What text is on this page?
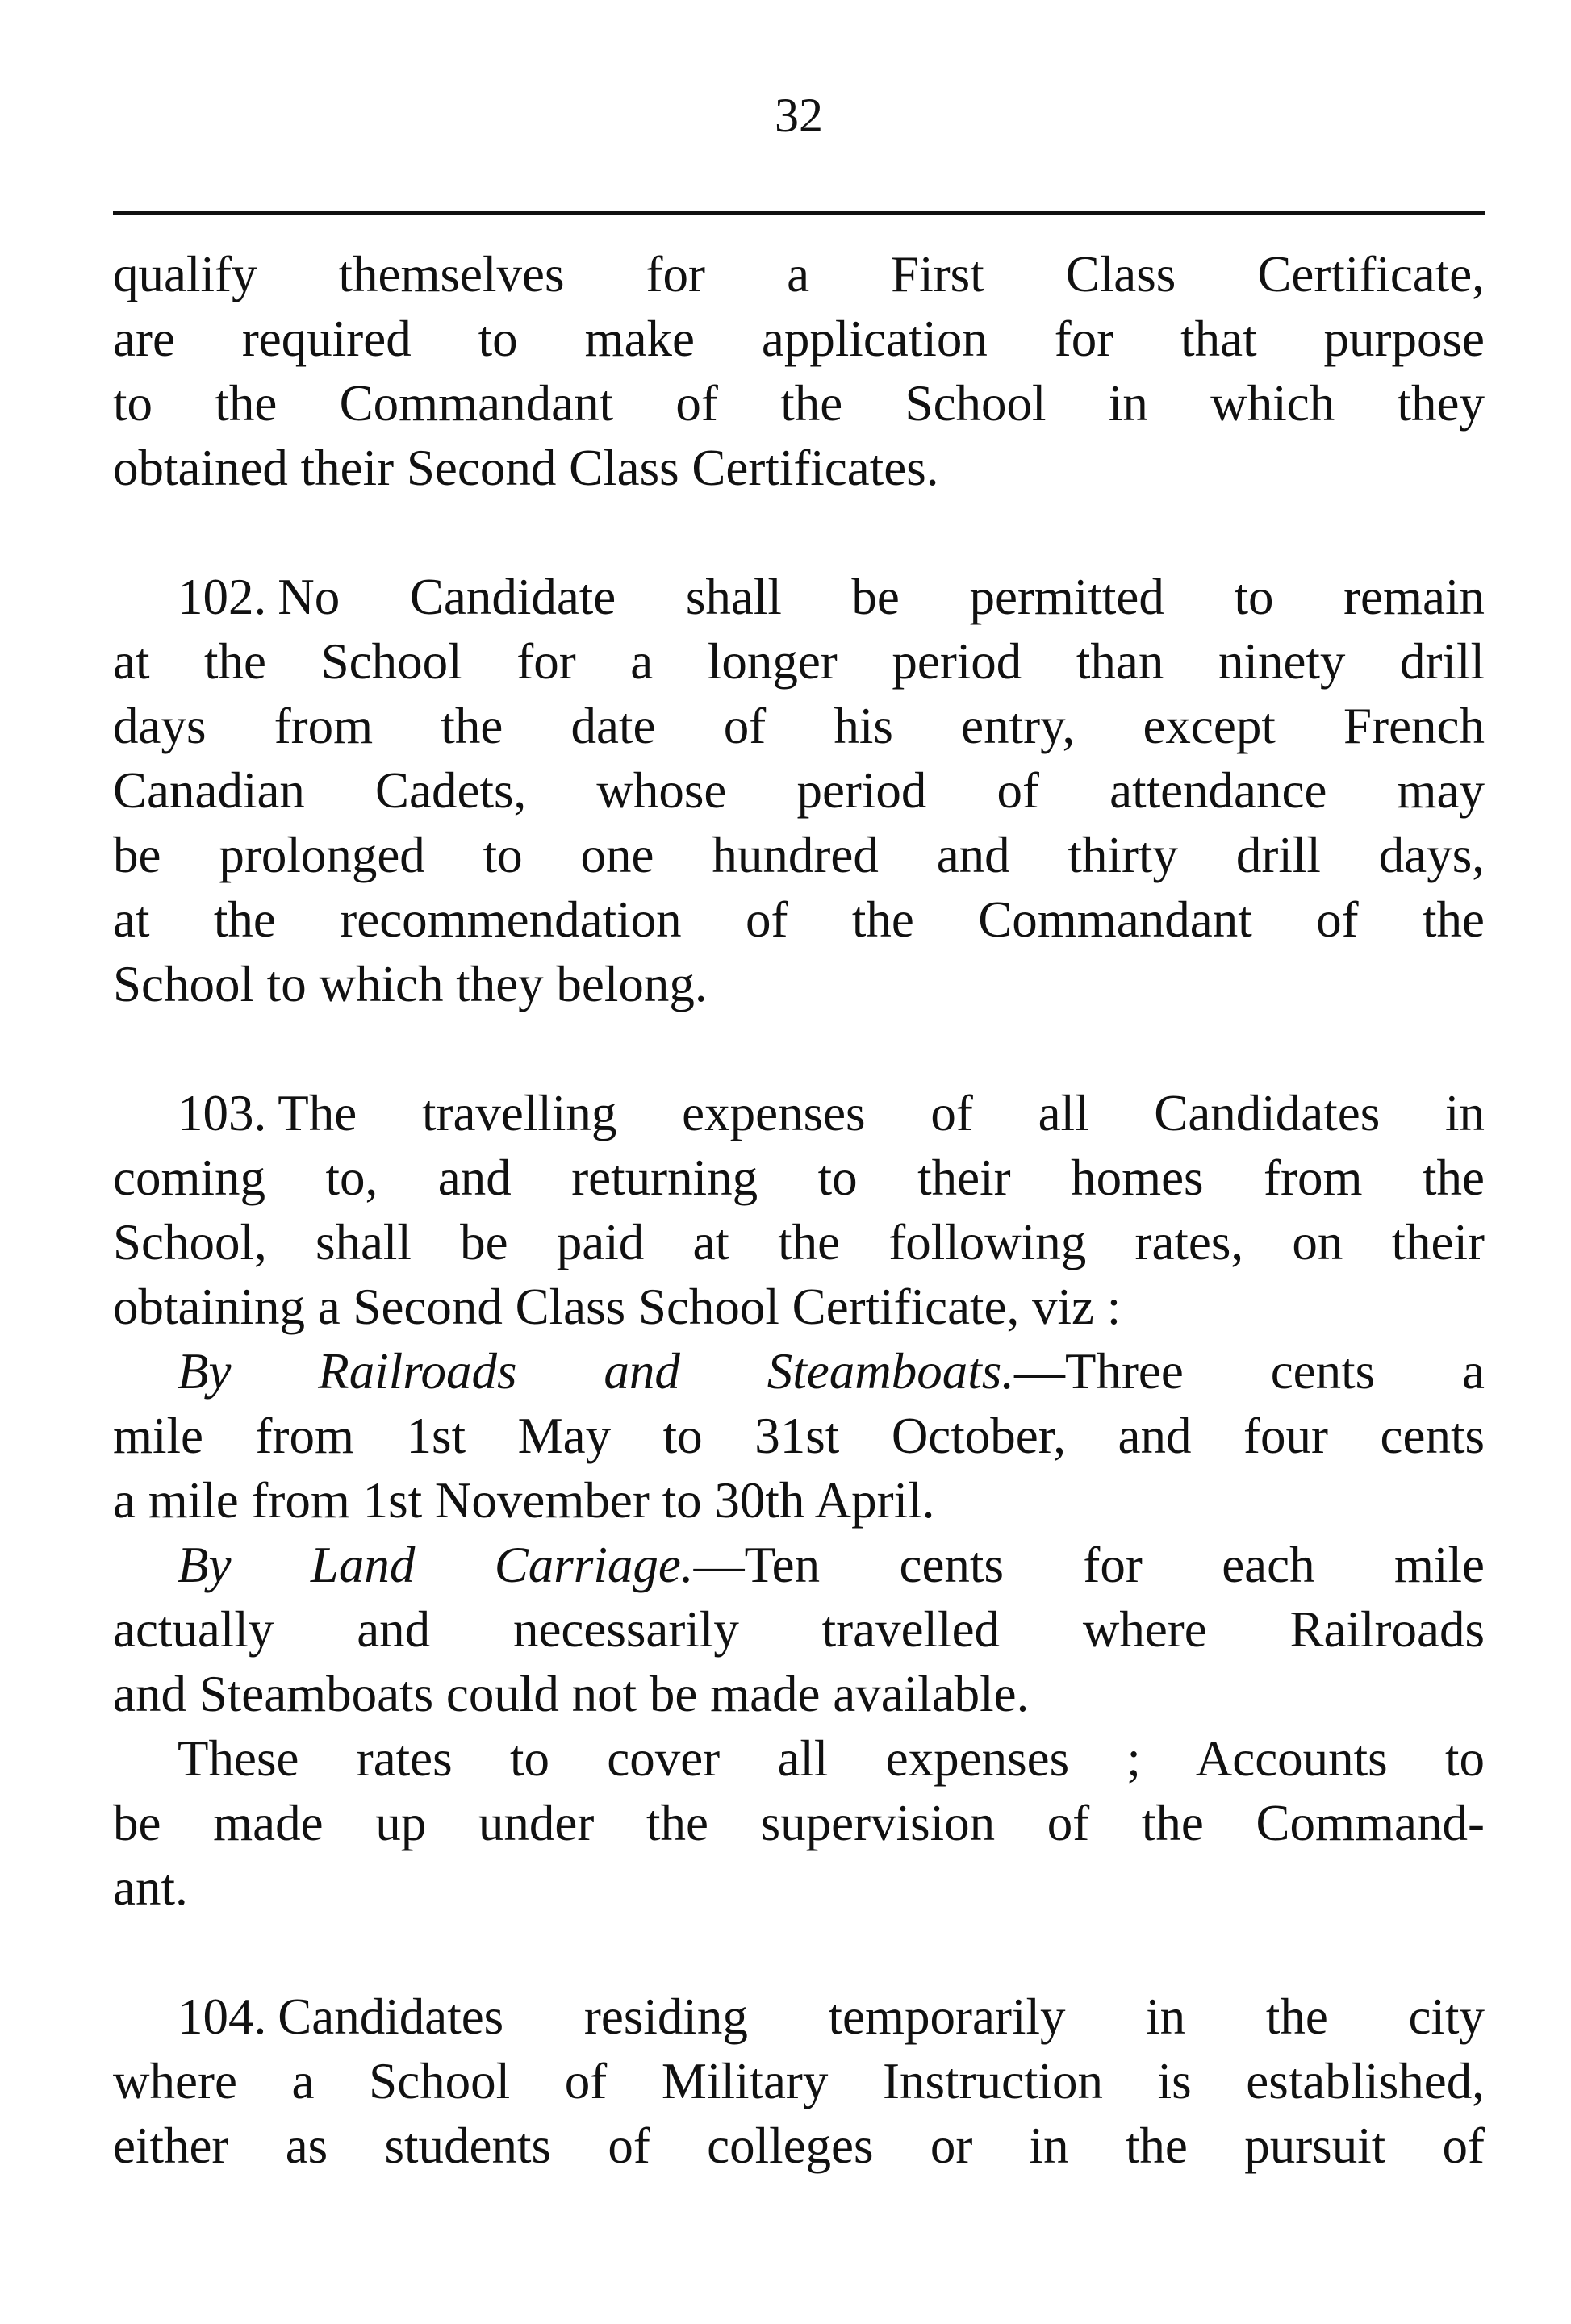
32
qualify themselves for a First Class Certificate,
are required to make application for that purpose
to the Commandant of the School in which they
obtained their Second Class Certificates.
102. No Candidate shall be permitted to remain
at the School for a longer period than ninety drill
days from the date of his entry, except French
Canadian Cadets, whose period of attendance may
be prolonged to one hundred and thirty drill days,
at the recommendation of the Commandant of the
School to which they belong.
103. The travelling expenses of all Candidates in
coming to, and returning to their homes from the
School, shall be paid at the following rates, on their
obtaining a Second Class School Certificate, viz :
By Railroads and Steamboats.—Three cents a
mile from 1st May to 31st October, and four cents
a mile from 1st November to 30th April.
By Land Carriage.—Ten cents for each mile
actually and necessarily travelled where Railroads
and Steamboats could not be made available.
These rates to cover all expenses ; Accounts to
be made up under the supervision of the Command-
ant.
104. Candidates residing temporarily in the city
where a School of Military Instruction is established,
either as students of colleges or in the pursuit of
